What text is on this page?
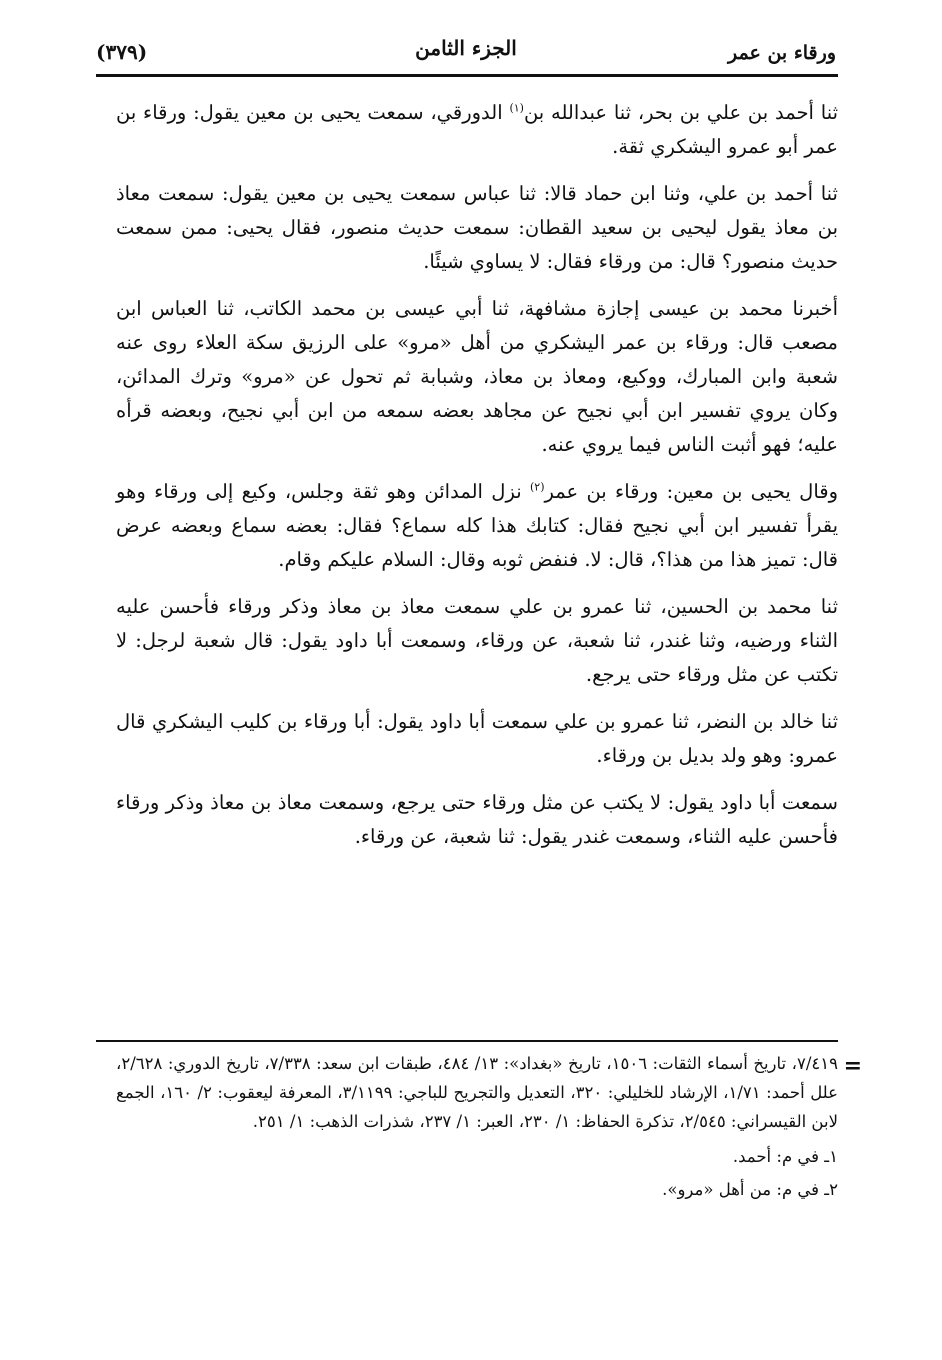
ورقاء بن عمر
الجزء الثامن
(٣٧٩)

ثنا أحمد بن علي بن بحر، ثنا عبدالله بن$^{(١)}$ الدورقي، سمعت يحيى بن معين يقول: ورقاء بن عمر أبو عمرو اليشكري ثقة.

ثنا أحمد بن علي، وثنا ابن حماد قالا: ثنا عباس سمعت يحيى بن معين يقول: سمعت معاذ بن معاذ يقول ليحيى بن سعيد القطان: سمعت حديث منصور، فقال يحيى: ممن سمعت حديث منصور؟ قال: من ورقاء فقال: لا يساوي شيئًا.

أخبرنا محمد بن عيسى إجازة مشافهة، ثنا أبي عيسى بن محمد الكاتب، ثنا العباس ابن مصعب قال: ورقاء بن عمر اليشكري من أهل «مرو» على الرزيق سكة العلاء روى عنه شعبة وابن المبارك، ووكيع، ومعاذ بن معاذ، وشبابة ثم تحول عن «مرو» وترك المدائن، وكان يروي تفسير ابن أبي نجيح عن مجاهد بعضه سمعه من ابن أبي نجيح، وبعضه قرأه عليه؛ فهو أثبت الناس فيما يروي عنه.

وقال يحيى بن معين: ورقاء بن عمر$^{(٢)}$ نزل المدائن وهو ثقة وجلس، وكيع إلى ورقاء وهو يقرأ تفسير ابن أبي نجيح فقال: كتابك هذا كله سماع؟ فقال: بعضه سماع وبعضه عرض قال: تميز هذا من هذا؟، قال: لا. فنفض ثوبه وقال: السلام عليكم وقام.

ثنا محمد بن الحسين، ثنا عمرو بن علي سمعت معاذ بن معاذ وذكر ورقاء فأحسن عليه الثناء ورضيه، وثنا غندر، ثنا شعبة، عن ورقاء، وسمعت أبا داود يقول: قال شعبة لرجل: لا تكتب عن مثل ورقاء حتى يرجع.

ثنا خالد بن النضر، ثنا عمرو بن علي سمعت أبا داود يقول: أبا ورقاء بن كليب اليشكري قال عمرو: وهو ولد بديل بن ورقاء.

سمعت أبا داود يقول: لا يكتب عن مثل ورقاء حتى يرجع، وسمعت معاذ بن معاذ وذكر ورقاء فأحسن عليه الثناء، وسمعت غندر يقول: ثنا شعبة، عن ورقاء.

=

٧/٤١٩، تاريخ أسماء الثقات: ١٥٠٦، تاريخ «بغداد»: ١٣/ ٤٨٤، طبقات ابن سعد: ٧/٣٣٨، تاريخ الدوري: ٢/٦٢٨، علل أحمد: ١/٧١، الإرشاد للخليلي: ٣٢٠، التعديل والتجريح للباجي: ٣/١١٩٩، المعرفة ليعقوب: ٢/ ١٦٠، الجمع لابن القيسراني: ٢/٥٤٥، تذكرة الحفاظ: ١/ ٢٣٠، العبر: ١/ ٢٣٧، شذرات الذهب: ١/ ٢٥١.

١ـ في م: أحمد.

٢ـ في م: من أهل «مرو».
